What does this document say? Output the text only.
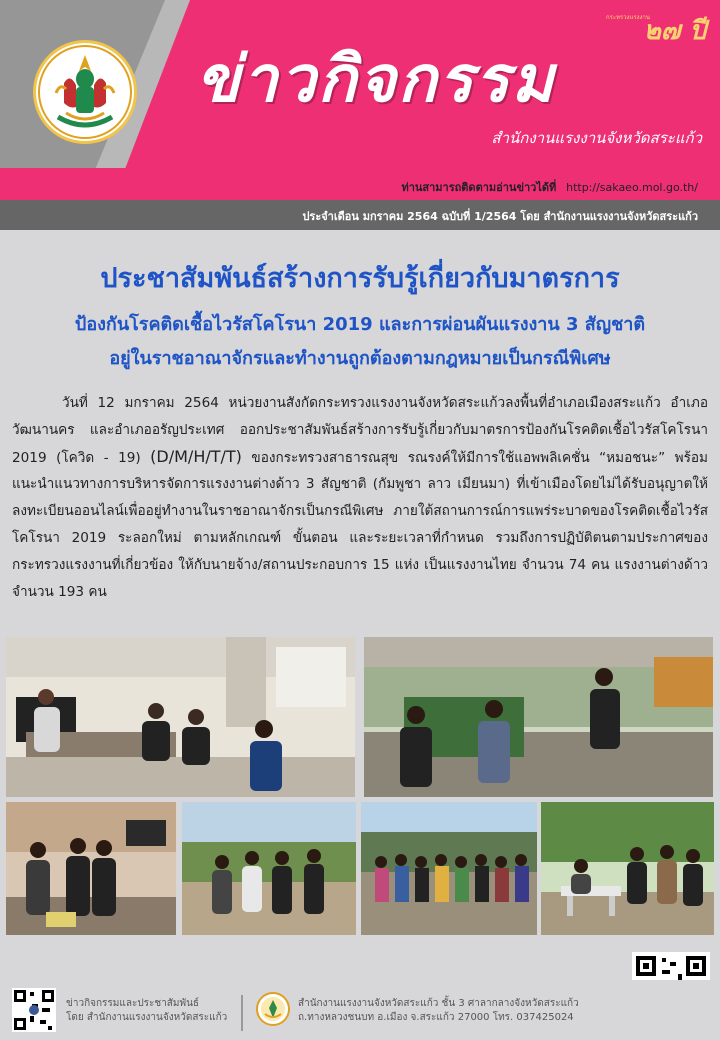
กระทรวงแรงงาน
๒๗ ปี
ข่าวกิจกรรม
สำนักงานแรงงานจังหวัดสระแก้ว
ท่านสามารถติดตามอ่านข่าวได้ที่ http://sakaeo.mol.go.th/
ประจำเดือน มกราคม 2564 ฉบับที่ 1/2564 โดย สำนักงานแรงงานจังหวัดสระแก้ว
ประชาสัมพันธ์สร้างการรับรู้เกี่ยวกับมาตรการ
ป้องกันโรคติดเชื้อไวรัสโคโรนา 2019 และการผ่อนผันแรงงาน 3 สัญชาติ
อยู่ในราชอาณาจักรและทำงานถูกต้องตามกฎหมายเป็นกรณีพิเศษ
วันที่ 12 มกราคม 2564 หน่วยงานสังกัดกระทรวงแรงงานจังหวัดสระแก้วลงพื้นที่อำเภอเมืองสระแก้ว อำเภอวัฒนานคร และอำเภออรัญประเทศ ออกประชาสัมพันธ์สร้างการรับรู้เกี่ยวกับมาตรการป้องกันโรคติดเชื้อไวรัสโคโรนา 2019 (โควิด - 19) (D/M/H/T/T) ของกระทรวงสาธารณสุข รณรงค์ให้มีการใช้แอพพลิเคชั่น “หมอชนะ” พร้อมแนะนำแนวทางการบริหารจัดการแรงงานต่างด้าว 3 สัญชาติ (กัมพูชา ลาว เมียนมา) ที่เข้าเมืองโดยไม่ได้รับอนุญาตให้ลงทะเบียนออนไลน์เพื่ออยู่ทำงานในราชอาณาจักรเป็นกรณีพิเศษ ภายใต้สถานการณ์การแพร่ระบาดของโรคติดเชื้อไวรัสโคโรนา 2019 ระลอกใหม่ ตามหลักเกณฑ์ ขั้นตอน และระยะเวลาที่กำหนด รวมถึงการปฏิบัติตนตามประกาศของกระทรวงแรงงานที่เกี่ยวข้อง ให้กับนายจ้าง/สถานประกอบการ 15 แห่ง เป็นแรงงานไทย จำนวน 74 คน แรงงานต่างด้าว จำนวน 193 คน
ข่าวกิจกรรมและประชาสัมพันธ์
โดย สำนักงานแรงงานจังหวัดสระแก้ว
สำนักงานแรงงานจังหวัดสระแก้ว ชั้น 3 ศาลากลางจังหวัดสระแก้ว
ถ.ทางหลวงชนบท อ.เมือง จ.สระแก้ว 27000 โทร. 037425024
